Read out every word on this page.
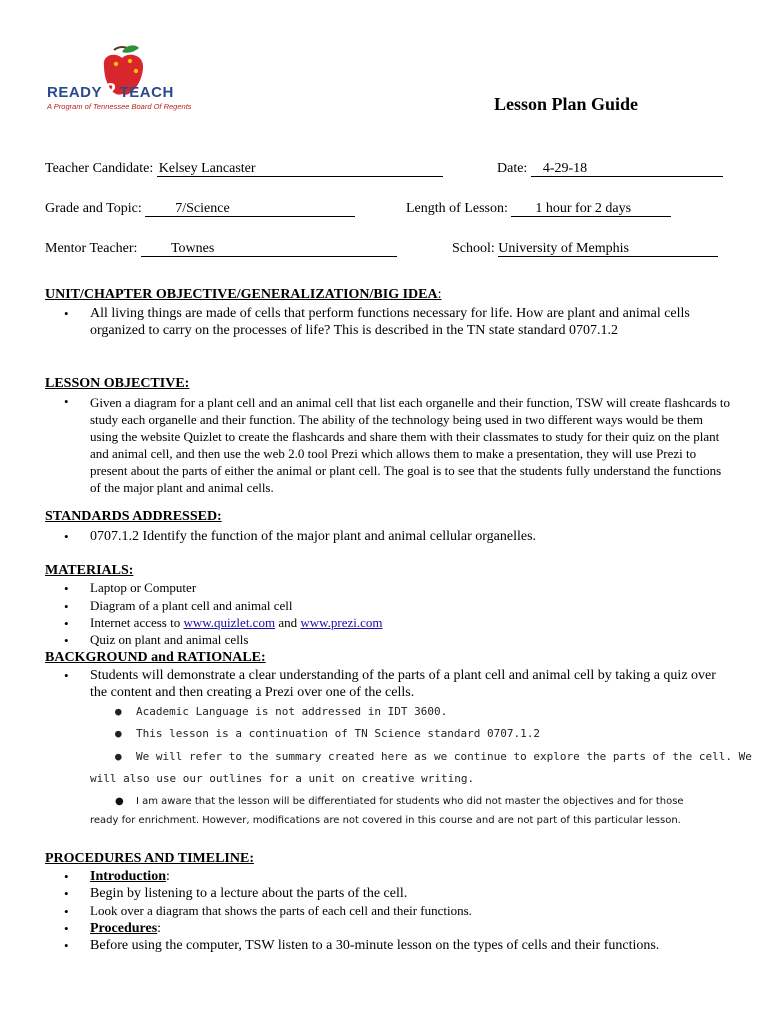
READY 2 TEACH
A Program of Tennessee Board Of Regents	Lesson Plan Guide
Teacher Candidate: Kelsey Lancaster	Date: 4-29-18
Grade and Topic: 7/Science	Length of Lesson: 1 hour for 2 days
Mentor Teacher: Townes	School: University of Memphis
UNIT/CHAPTER OBJECTIVE/GENERALIZATION/BIG IDEA:
• All living things are made of cells that perform functions necessary for life. How are plant and animal cells organized to carry on the processes of life? This is described in the TN state standard 0707.1.2
LESSON OBJECTIVE:
• Given a diagram for a plant cell and an animal cell that list each organelle and their function, TSW will create flashcards to study each organelle and their function. The ability of the technology being used in two different ways would be them using the website Quizlet to create the flashcards and share them with their classmates to study for their quiz on the plant and animal cell, and then use the web 2.0 tool Prezi which allows them to make a presentation, they will use Prezi to present about the parts of either the animal or plant cell. The goal is to see that the students fully understand the functions of the major plant and animal cells.
STANDARDS ADDRESSED:
• 0707.1.2 Identify the function of the major plant and animal cellular organelles.
MATERIALS:
• Laptop or Computer
• Diagram of a plant cell and animal cell
• Internet access to www.quizlet.com and www.prezi.com
• Quiz on plant and animal cells
BACKGROUND and RATIONALE:
• Students will demonstrate a clear understanding of the parts of a plant cell and animal cell by taking a quiz over the content and then creating a Prezi over one of the cells.
● Academic Language is not addressed in IDT 3600.
● This lesson is a continuation of TN Science standard 0707.1.2
● We will refer to the summary created here as we continue to explore the parts of the cell. We
will also use our outlines for a unit on creative writing.
● I am aware that the lesson will be differentiated for students who did not master the objectives and for those
ready for enrichment. However, modifications are not covered in this course and are not part of this particular lesson.
PROCEDURES AND TIMELINE:
• Introduction:
• Begin by listening to a lecture about the parts of the cell.
• Look over a diagram that shows the parts of each cell and their functions.
• Procedures:
• Before using the computer, TSW listen to a 30-minute lesson on the types of cells and their functions.
